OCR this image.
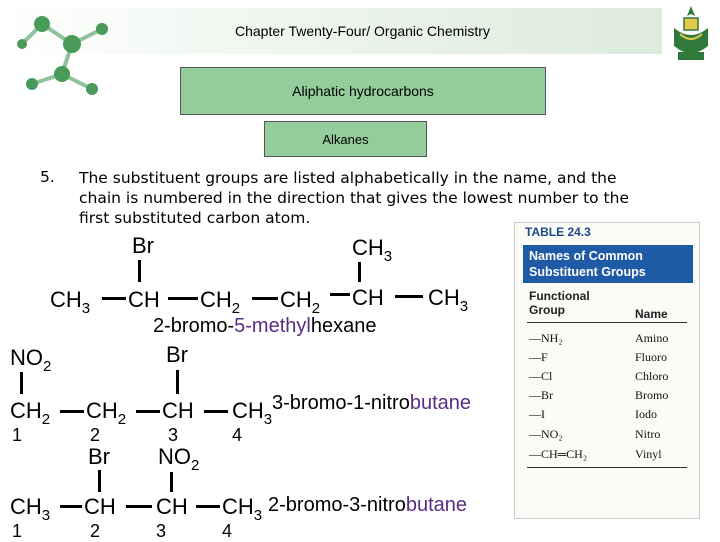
Chapter Twenty-Four/ Organic Chemistry
Aliphatic hydrocarbons
Alkanes
5. The substituent groups are listed alphabetically in the name, and the chain is numbered in the direction that gives the lowest number to the first substituted carbon atom.
Br	$CH_3$
$CH_3$ CH $CH_2$ $CH_2$ CH $CH_3$
2-bromo-5-methylhexane
$NO_2$	Br
$CH_2$ $CH_2$ CH $CH_3$
3-bromo-1-nitrobutane
1	2	3	4
Br $NO_2$
$CH_3$ CH CH $CH_3$ 2-bromo-3-nitrobutane
1	2	3	4
TABLE 24.3
Names of Common Substituent Groups
Functional Group	Name
—NH₂	Amino
—F	Fluoro
—Cl	Chloro
—Br	Bromo
—I	Iodo
—NO₂	Nitro
—CH═CH₂	Vinyl
